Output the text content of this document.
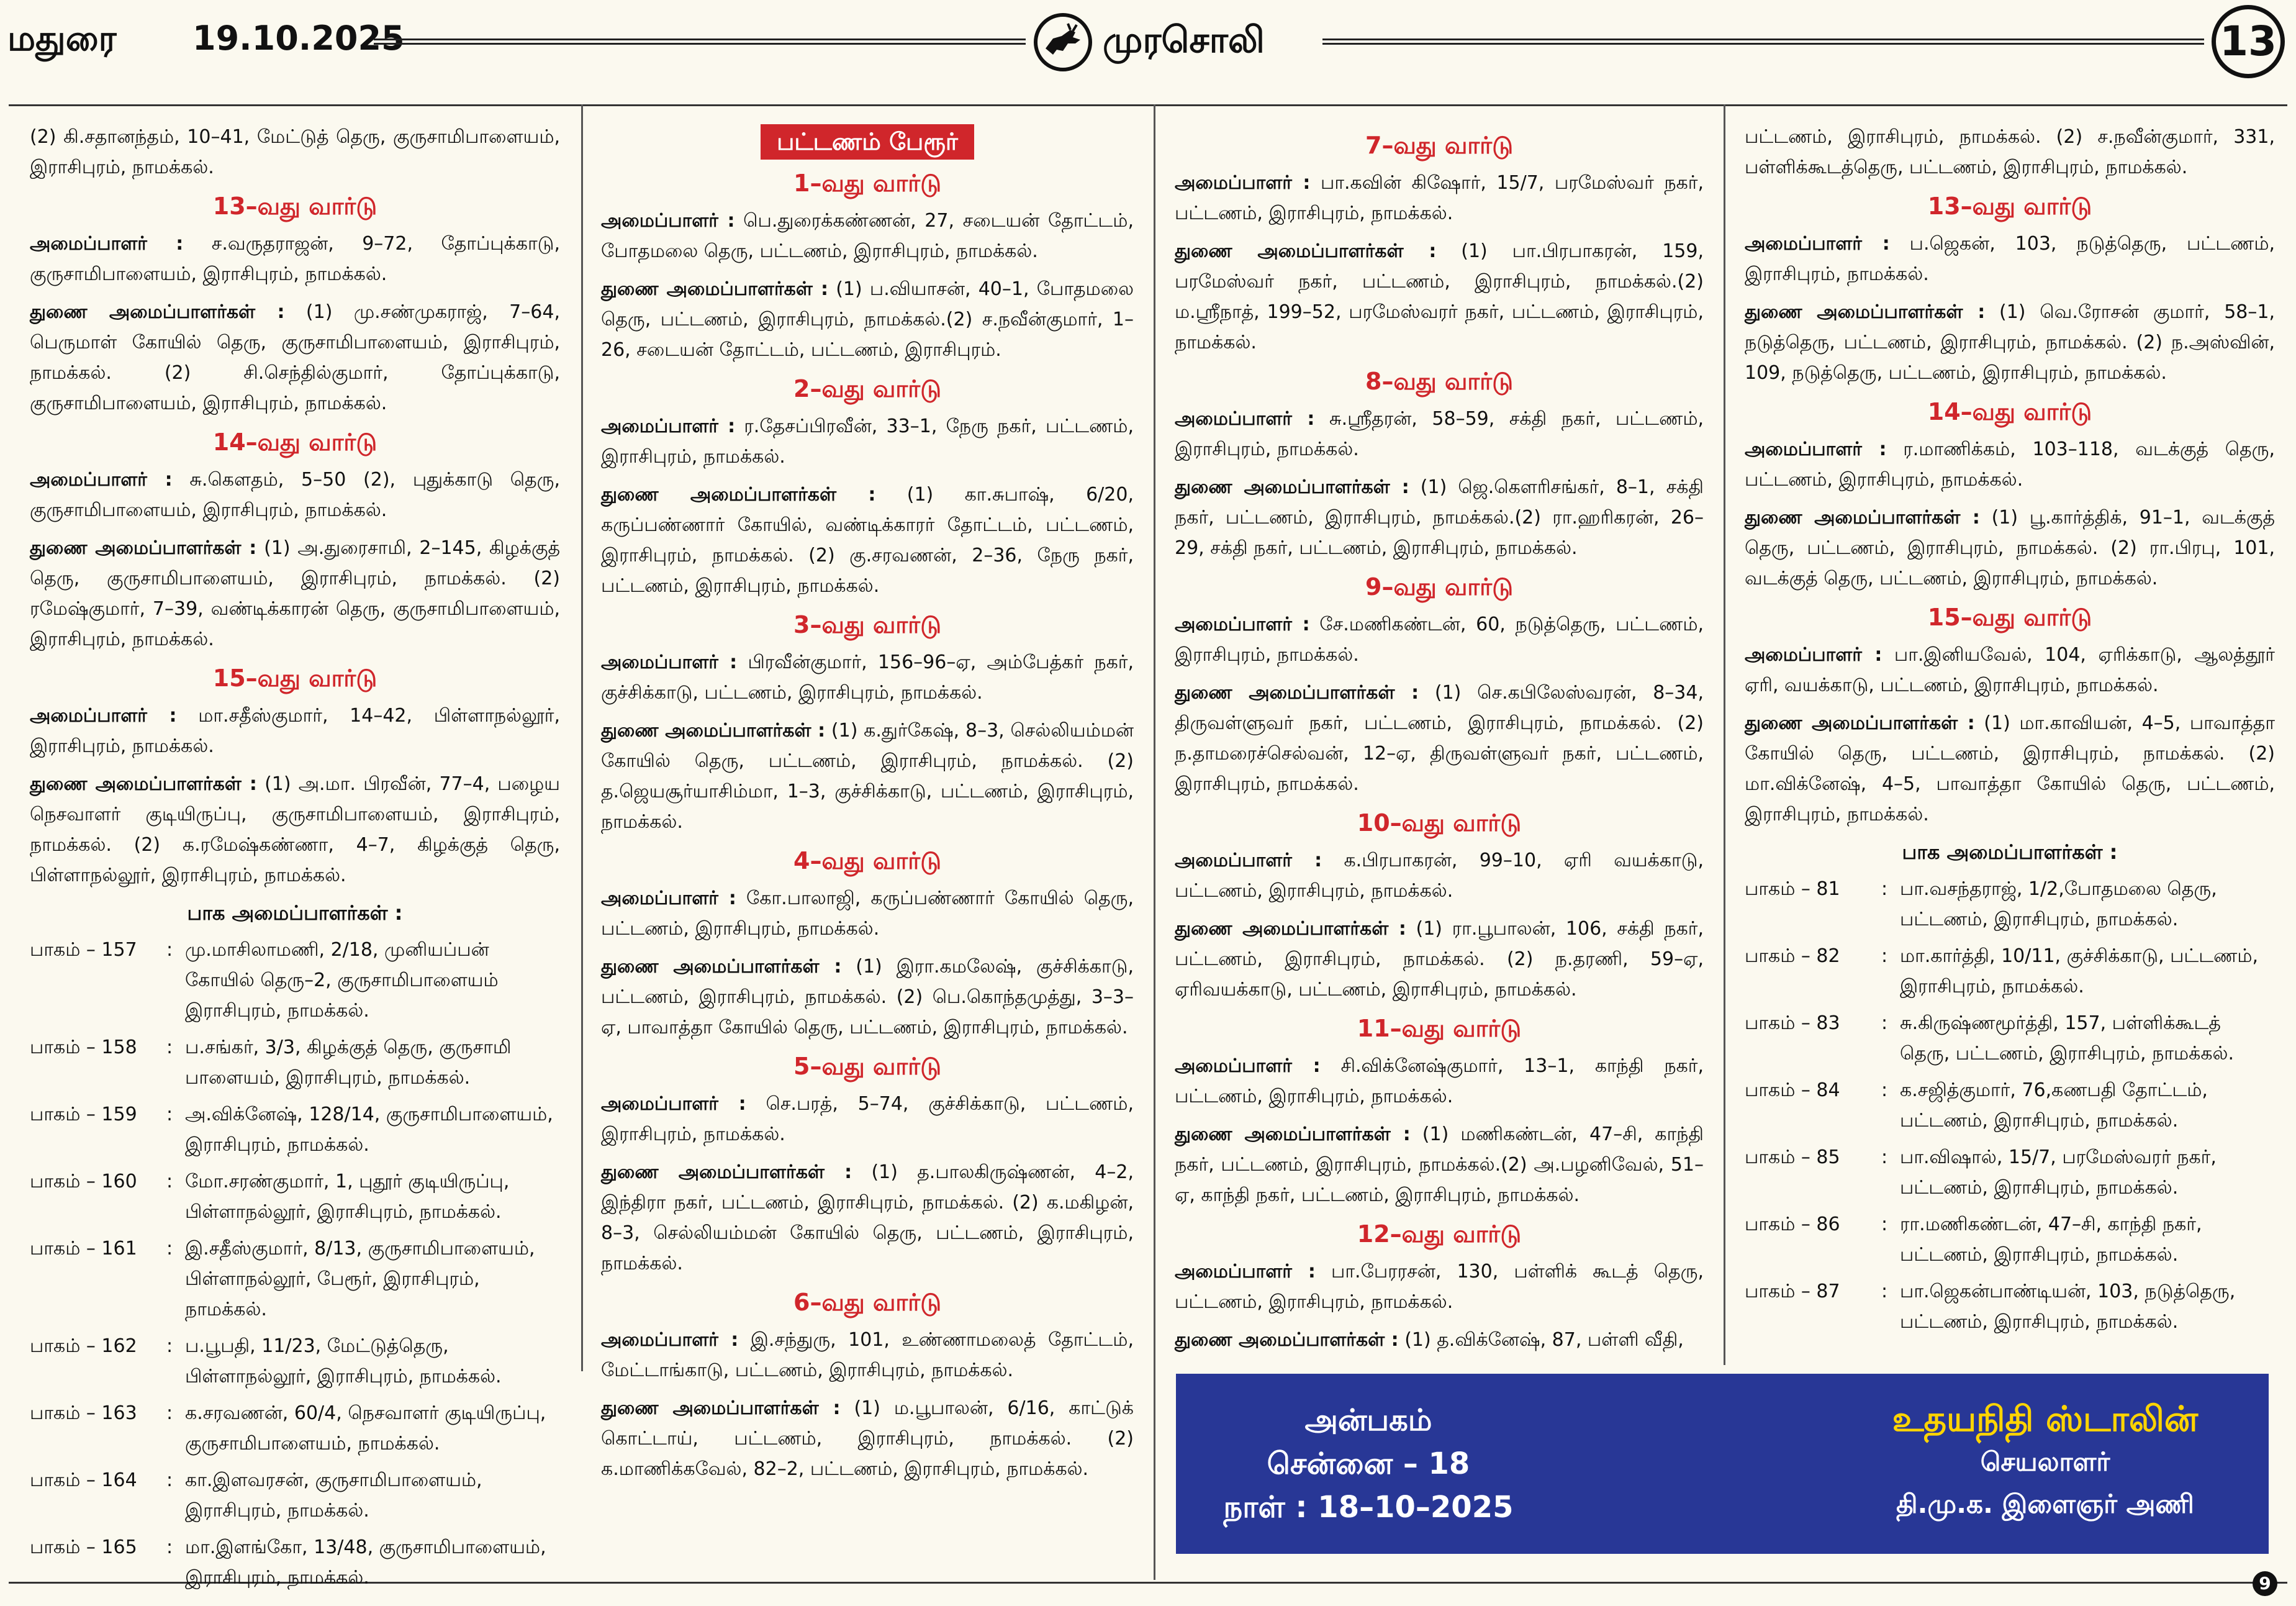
மதுரை 19.10.2025	முரசொலி	13

(2) கி.சதானந்தம், 10–41, மேட்டுத் தெரு, குருசாமிபாளையம், இராசிபுரம், நாமக்கல்.

13–வது வார்டு

அமைப்பாளர் : ச.வருதராஜன், 9–72, தோப்புக்காடு, குருசாமிபாளையம், இராசிபுரம், நாமக்கல்.

துணை அமைப்பாளர்கள் : (1) மு.சண்முகராஜ், 7–64, பெருமாள் கோயில் தெரு, குருசாமிபாளையம், இராசிபுரம், நாமக்கல். (2) சி.செந்தில்குமார், தோப்புக்காடு, குருசாமிபாளையம், இராசிபுரம், நாமக்கல்.

14–வது வார்டு

அமைப்பாளர் : சு.கௌதம், 5–50 (2), புதுக்காடு தெரு, குருசாமிபாளையம், இராசிபுரம், நாமக்கல்.

துணை அமைப்பாளர்கள் : (1) அ.துரைசாமி, 2–145, கிழக்குத் தெரு, குருசாமிபாளையம், இராசிபுரம், நாமக்கல். (2) ரமேஷ்குமார், 7–39, வண்டிக்காரன் தெரு, குருசாமிபாளையம், இராசிபுரம், நாமக்கல்.

15–வது வார்டு

அமைப்பாளர் : மா.சதீஸ்குமார், 14–42, பிள்ளாநல்லூர், இராசிபுரம், நாமக்கல்.

துணை அமைப்பாளர்கள் : (1) அ.மா. பிரவீன், 77–4, பழைய நெசவாளர் குடியிருப்பு, குருசாமிபாளையம், இராசிபுரம், நாமக்கல். (2) க.ரமேஷ்கண்ணா, 4–7, கிழக்குத் தெரு, பிள்ளாநல்லூர், இராசிபுரம், நாமக்கல்.

பாக அமைப்பாளர்கள் :
பாகம் – 157	: மு.மாசிலாமணி, 2/18, முனியப்பன் கோயில் தெரு–2, குருசாமிபாளையம் இராசிபுரம், நாமக்கல்.
பாகம் – 158	: ப.சங்கர், 3/3, கிழக்குத் தெரு, குருசாமி பாளையம், இராசிபுரம், நாமக்கல்.
பாகம் – 159	: அ.விக்னேஷ், 128/14, குருசாமிபாளையம், இராசிபுரம், நாமக்கல்.
பாகம் – 160	: மோ.சரண்குமார், 1, புதூர் குடியிருப்பு, பிள்ளாநல்லூர், இராசிபுரம், நாமக்கல்.
பாகம் – 161	: இ.சதீஸ்குமார், 8/13, குருசாமிபாளையம், பிள்ளாநல்லூர், பேரூர், இராசிபுரம், நாமக்கல்.
பாகம் – 162	: ப.பூபதி, 11/23, மேட்டுத்தெரு, பிள்ளாநல்லூர், இராசிபுரம், நாமக்கல்.
பாகம் – 163	: க.சரவணன், 60/4, நெசவாளர் குடியிருப்பு, குருசாமிபாளையம், நாமக்கல்.
பாகம் – 164	: கா.இளவரசன், குருசாமிபாளையம், இராசிபுரம், நாமக்கல்.
பாகம் – 165	: மா.இளங்கோ, 13/48, குருசாமிபாளையம், இராசிபுரம், நாமக்கல்.
பட்டணம் பேரூர்
1–வது வார்டு

அமைப்பாளர் : பெ.துரைக்கண்ணன், 27, சடையன் தோட்டம், போதமலை தெரு, பட்டணம், இராசிபுரம், நாமக்கல்.

துணை அமைப்பாளர்கள் : (1) ப.வியாசன், 40–1, போதமலை தெரு, பட்டணம், இராசிபுரம், நாமக்கல்.(2) ச.நவீன்குமார், 1–26, சடையன் தோட்டம், பட்டணம், இராசிபுரம்.

2–வது வார்டு

அமைப்பாளர் : ர.தேசப்பிரவீன், 33–1, நேரு நகர், பட்டணம், இராசிபுரம், நாமக்கல்.

துணை அமைப்பாளர்கள் : (1) கா.சுபாஷ், 6/20, கருப்பண்ணார் கோயில், வண்டிக்காரர் தோட்டம், பட்டணம், இராசிபுரம், நாமக்கல். (2) கு.சரவணன், 2–36, நேரு நகர், பட்டணம், இராசிபுரம், நாமக்கல்.

3–வது வார்டு

அமைப்பாளர் : பிரவீன்குமார், 156–96–ஏ, அம்பேத்கர் நகர், குச்சிக்காடு, பட்டணம், இராசிபுரம், நாமக்கல்.

துணை அமைப்பாளர்கள் : (1) க.துர்கேஷ், 8–3, செல்லியம்மன் கோயில் தெரு, பட்டணம், இராசிபுரம், நாமக்கல். (2) த.ஜெயசூர்யாசிம்மா, 1–3, குச்சிக்காடு, பட்டணம், இராசிபுரம், நாமக்கல்.

4–வது வார்டு

அமைப்பாளர் : கோ.பாலாஜி, கருப்பண்ணார் கோயில் தெரு, பட்டணம், இராசிபுரம், நாமக்கல்.

துணை அமைப்பாளர்கள் : (1) இரா.கமலேஷ், குச்சிக்காடு, பட்டணம், இராசிபுரம், நாமக்கல். (2) பெ.கொந்தமுத்து, 3–3–ஏ, பாவாத்தா கோயில் தெரு, பட்டணம், இராசிபுரம், நாமக்கல்.

5–வது வார்டு

அமைப்பாளர் : செ.பரத், 5–74, குச்சிக்காடு, பட்டணம், இராசிபுரம், நாமக்கல்.

துணை அமைப்பாளர்கள் : (1) த.பாலகிருஷ்ணன், 4–2, இந்திரா நகர், பட்டணம், இராசிபுரம், நாமக்கல். (2) க.மகிழன், 8–3, செல்லியம்மன் கோயில் தெரு, பட்டணம், இராசிபுரம், நாமக்கல்.

6–வது வார்டு

அமைப்பாளர் : இ.சந்துரு, 101, உண்ணாமலைத் தோட்டம், மேட்டாங்காடு, பட்டணம், இராசிபுரம், நாமக்கல்.

துணை அமைப்பாளர்கள் : (1) ம.பூபாலன், 6/16, காட்டுக் கொட்டாய், பட்டணம், இராசிபுரம், நாமக்கல். (2) க.மாணிக்கவேல், 82–2, பட்டணம், இராசிபுரம், நாமக்கல்.

7–வது வார்டு

அமைப்பாளர் : பா.கவின் கிஷோர், 15/7, பரமேஸ்வர் நகர், பட்டணம், இராசிபுரம், நாமக்கல்.

துணை அமைப்பாளர்கள் : (1) பா.பிரபாகரன், 159, பரமேஸ்வர் நகர், பட்டணம், இராசிபுரம், நாமக்கல்.(2) ம.ஸ்ரீநாத், 199–52, பரமேஸ்வரர் நகர், பட்டணம், இராசிபுரம், நாமக்கல்.

8–வது வார்டு

அமைப்பாளர் : சு.ஸ்ரீதரன், 58–59, சக்தி நகர், பட்டணம், இராசிபுரம், நாமக்கல்.

துணை அமைப்பாளர்கள் : (1) ஜெ.கௌரிசங்கர், 8–1, சக்தி நகர், பட்டணம், இராசிபுரம், நாமக்கல்.(2) ரா.ஹரிகரன், 26–29, சக்தி நகர், பட்டணம், இராசிபுரம், நாமக்கல்.

9–வது வார்டு

அமைப்பாளர் : சே.மணிகண்டன், 60, நடுத்தெரு, பட்டணம், இராசிபுரம், நாமக்கல்.

துணை அமைப்பாளர்கள் : (1) செ.கபிலேஸ்வரன், 8–34, திருவள்ளுவர் நகர், பட்டணம், இராசிபுரம், நாமக்கல். (2) ந.தாமரைச்செல்வன், 12–ஏ, திருவள்ளுவர் நகர், பட்டணம், இராசிபுரம், நாமக்கல்.

10–வது வார்டு

அமைப்பாளர் : க.பிரபாகரன், 99–10, ஏரி வயக்காடு, பட்டணம், இராசிபுரம், நாமக்கல்.

துணை அமைப்பாளர்கள் : (1) ரா.பூபாலன், 106, சக்தி நகர், பட்டணம், இராசிபுரம், நாமக்கல். (2) ந.தரணி, 59–ஏ, ஏரிவயக்காடு, பட்டணம், இராசிபுரம், நாமக்கல்.

11–வது வார்டு

அமைப்பாளர் : சி.விக்னேஷ்குமார், 13–1, காந்தி நகர், பட்டணம், இராசிபுரம், நாமக்கல்.

துணை அமைப்பாளர்கள் : (1) மணிகண்டன், 47–சி, காந்தி நகர், பட்டணம், இராசிபுரம், நாமக்கல்.(2) அ.பழனிவேல், 51–ஏ, காந்தி நகர், பட்டணம், இராசிபுரம், நாமக்கல்.

12–வது வார்டு

அமைப்பாளர் : பா.பேரரசன், 130, பள்ளிக் கூடத் தெரு, பட்டணம், இராசிபுரம், நாமக்கல்.

துணை அமைப்பாளர்கள் : (1) த.விக்னேஷ், 87, பள்ளி வீதி,

பட்டணம், இராசிபுரம், நாமக்கல். (2) ச.நவீன்குமார், 331, பள்ளிக்கூடத்தெரு, பட்டணம், இராசிபுரம், நாமக்கல்.

13–வது வார்டு

அமைப்பாளர் : ப.ஜெகன், 103, நடுத்தெரு, பட்டணம், இராசிபுரம், நாமக்கல்.

துணை அமைப்பாளர்கள் : (1) வெ.ரோசன் குமார், 58–1, நடுத்தெரு, பட்டணம், இராசிபுரம், நாமக்கல். (2) ந.அஸ்வின், 109, நடுத்தெரு, பட்டணம், இராசிபுரம், நாமக்கல்.

14–வது வார்டு

அமைப்பாளர் : ர.மாணிக்கம், 103–118, வடக்குத் தெரு, பட்டணம், இராசிபுரம், நாமக்கல்.

துணை அமைப்பாளர்கள் : (1) பூ.கார்த்திக், 91–1, வடக்குத் தெரு, பட்டணம், இராசிபுரம், நாமக்கல். (2) ரா.பிரபு, 101, வடக்குத் தெரு, பட்டணம், இராசிபுரம், நாமக்கல்.

15–வது வார்டு

அமைப்பாளர் : பா.இனியவேல், 104, ஏரிக்காடு, ஆலத்தூர் ஏரி, வயக்காடு, பட்டணம், இராசிபுரம், நாமக்கல்.

துணை அமைப்பாளர்கள் : (1) மா.காவியன், 4–5, பாவாத்தா கோயில் தெரு, பட்டணம், இராசிபுரம், நாமக்கல். (2) மா.விக்னேஷ், 4–5, பாவாத்தா கோயில் தெரு, பட்டணம், இராசிபுரம், நாமக்கல்.

பாக அமைப்பாளர்கள் :
பாகம் – 81	: பா.வசந்தராஜ், 1/2,போதமலை தெரு, பட்டணம், இராசிபுரம், நாமக்கல்.
பாகம் – 82	: மா.கார்த்தி, 10/11, குச்சிக்காடு, பட்டணம், இராசிபுரம், நாமக்கல்.
பாகம் – 83	: சு.கிருஷ்ணமூர்த்தி, 157, பள்ளிக்கூடத் தெரு, பட்டணம், இராசிபுரம், நாமக்கல்.
பாகம் – 84	: க.சஜித்குமார், 76,கணபதி தோட்டம், பட்டணம், இராசிபுரம், நாமக்கல்.
பாகம் – 85	: பா.விஷால், 15/7, பரமேஸ்வரர் நகர், பட்டணம், இராசிபுரம், நாமக்கல்.
பாகம் – 86	: ரா.மணிகண்டன், 47–சி, காந்தி நகர், பட்டணம், இராசிபுரம், நாமக்கல்.
பாகம் – 87	: பா.ஜெகன்பாண்டியன், 103, நடுத்தெரு, பட்டணம், இராசிபுரம், நாமக்கல்.
அன்பகம்
சென்னை – 18
நாள் : 18–10–2025
உதயநிதி ஸ்டாலின்
செயலாளர்
தி.மு.க. இளைஞர் அணி
9
